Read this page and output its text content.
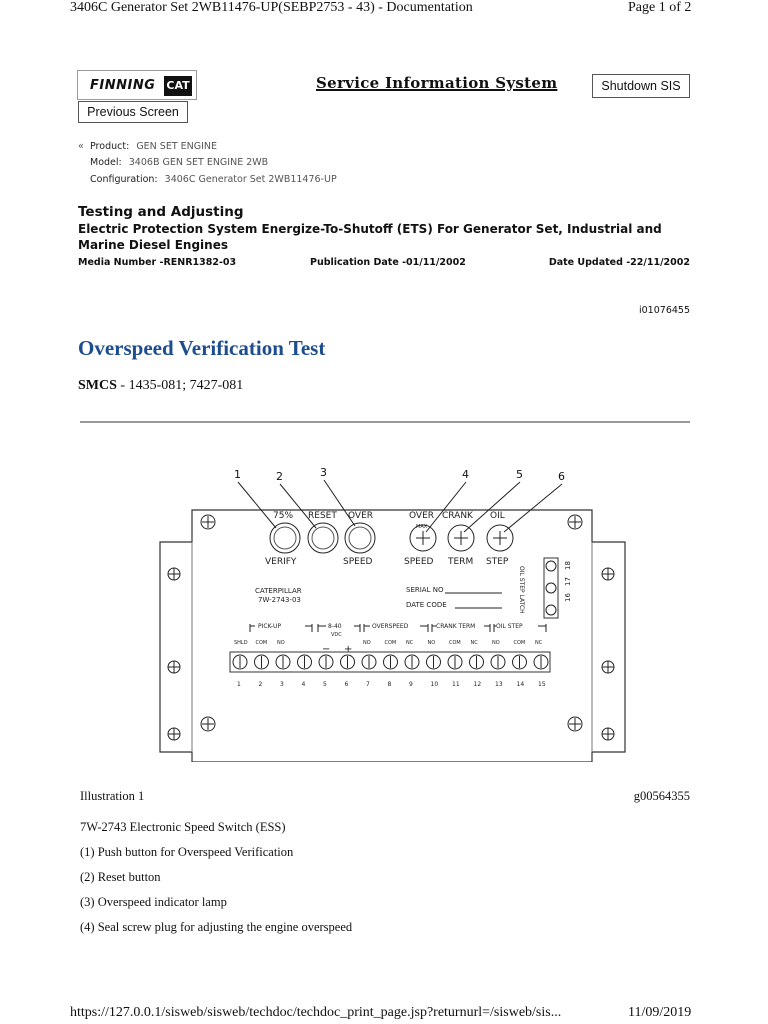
3406C Generator Set 2WB11476-UP(SEBP2753 - 43) - Documentation	Page 1 of 2
FINNING CAT	Service Information System	Shutdown SIS
Previous Screen
« Product: GEN SET ENGINE
Model: 3406B GEN SET ENGINE 2WB
Configuration: 3406C Generator Set 2WB11476-UP
Testing and Adjusting
Electric Protection System Energize-To-Shutoff (ETS) For Generator Set, Industrial and Marine Diesel Engines
Media Number -RENR1382-03	Publication Date -01/11/2002	Date Updated -22/11/2002
i01076455
Overspeed Verification Test
SMCS - 1435-081; 7427-081
75% RESET OVER	OVER CRANK OIL
VERIFY	SPEED	SPEED TERM STEP
MAX
CATERPILLAR
7W-2743-03
SERIAL NO
DATE CODE	OIL STEP LATCH	16
17
18
PICK-UP	8-40
VDC
OVERSPEED	CRANK TERM	OIL STEP
− +
SHLD COM NO	NO	COM NC	NO	COM NC	NO	COM NC
1	2	3	4	5	6	7	8	9	10 11 12 13 14 15
1	2	3	4	5	6
Illustration 1	g00564355
7W-2743 Electronic Speed Switch (ESS)
(1) Push button for Overspeed Verification
(2) Reset button
(3) Overspeed indicator lamp
(4) Seal screw plug for adjusting the engine overspeed
https://127.0.0.1/sisweb/sisweb/techdoc/techdoc_print_page.jsp?returnurl=/sisweb/sis...	11/09/2019
